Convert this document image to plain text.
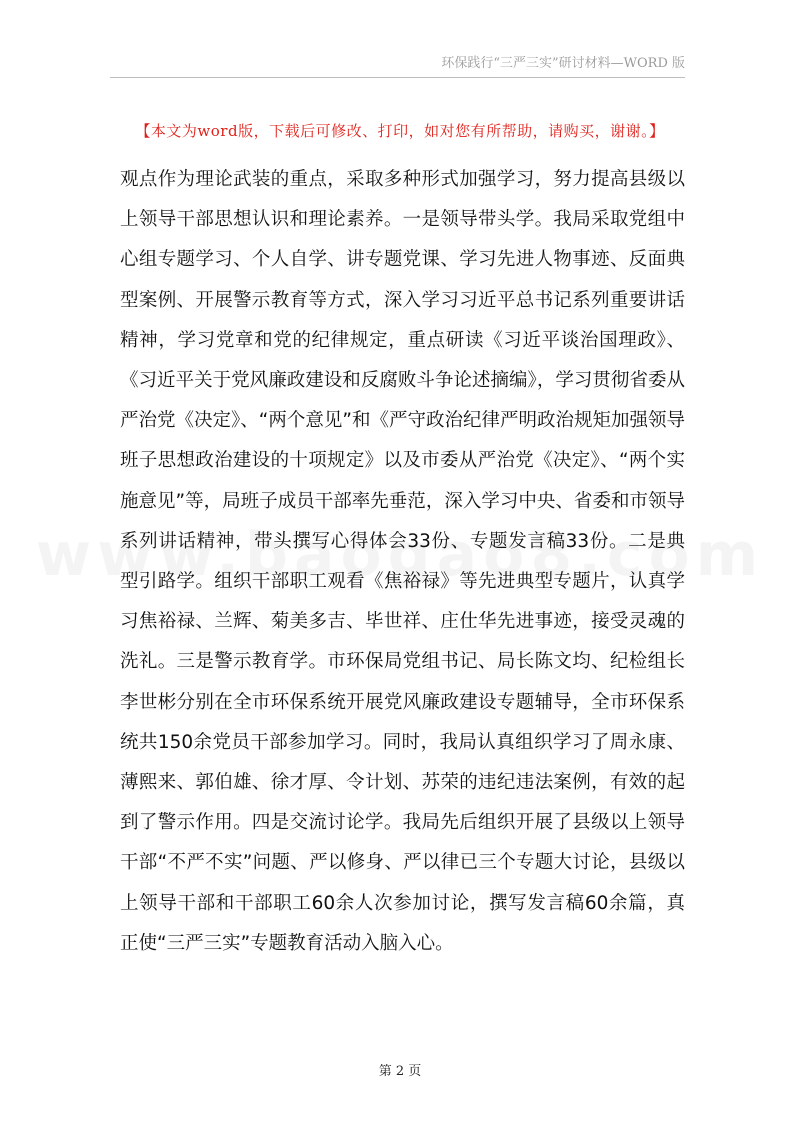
环保践行“三严三实”研讨材料—WORD 版
【本文为word版，下载后可修改、打印，如对您有所帮助，请购买，谢谢。】

观点作为理论武装的重点，采取多种形式加强学习，努力提高县级以上领导干部思想认识和理论素养。一是领导带头学。我局采取党组中心组专题学习、个人自学、讲专题党课、学习先进人物事迹、反面典型案例、开展警示教育等方式，深入学习习近平总书记系列重要讲话精神，学习党章和党的纪律规定，重点研读《习近平谈治国理政》、《习近平关于党风廉政建设和反腐败斗争论述摘编》，学习贯彻省委从严治党《决定》、“两个意见”和《严守政治纪律严明政治规矩加强领导班子思想政治建设的十项规定》以及市委从严治党《决定》、“两个实施意见”等，局班子成员干部率先垂范，深入学习中央、省委和市领导系列讲话精神，带头撰写心得体会33份、专题发言稿33份。二是典型引路学。组织干部职工观看《焦裕禄》等先进典型专题片，认真学习焦裕禄、兰辉、菊美多吉、毕世祥、庄仕华先进事迹，接受灵魂的洗礼。三是警示教育学。市环保局党组书记、局长陈文均、纪检组长李世彬分别在全市环保系统开展党风廉政建设专题辅导，全市环保系统共150余党员干部参加学习。同时，我局认真组织学习了周永康、薄熙来、郭伯雄、徐才厚、令计划、苏荣的违纪违法案例，有效的起到了警示作用。四是交流讨论学。我局先后组织开展了县级以上领导干部“不严不实”问题、严以修身、严以律已三个专题大讨论，县级以上领导干部和干部职工60余人次参加讨论，撰写发言稿60余篇，真正使“三严三实”专题教育活动入脑入心。

第 2 页
